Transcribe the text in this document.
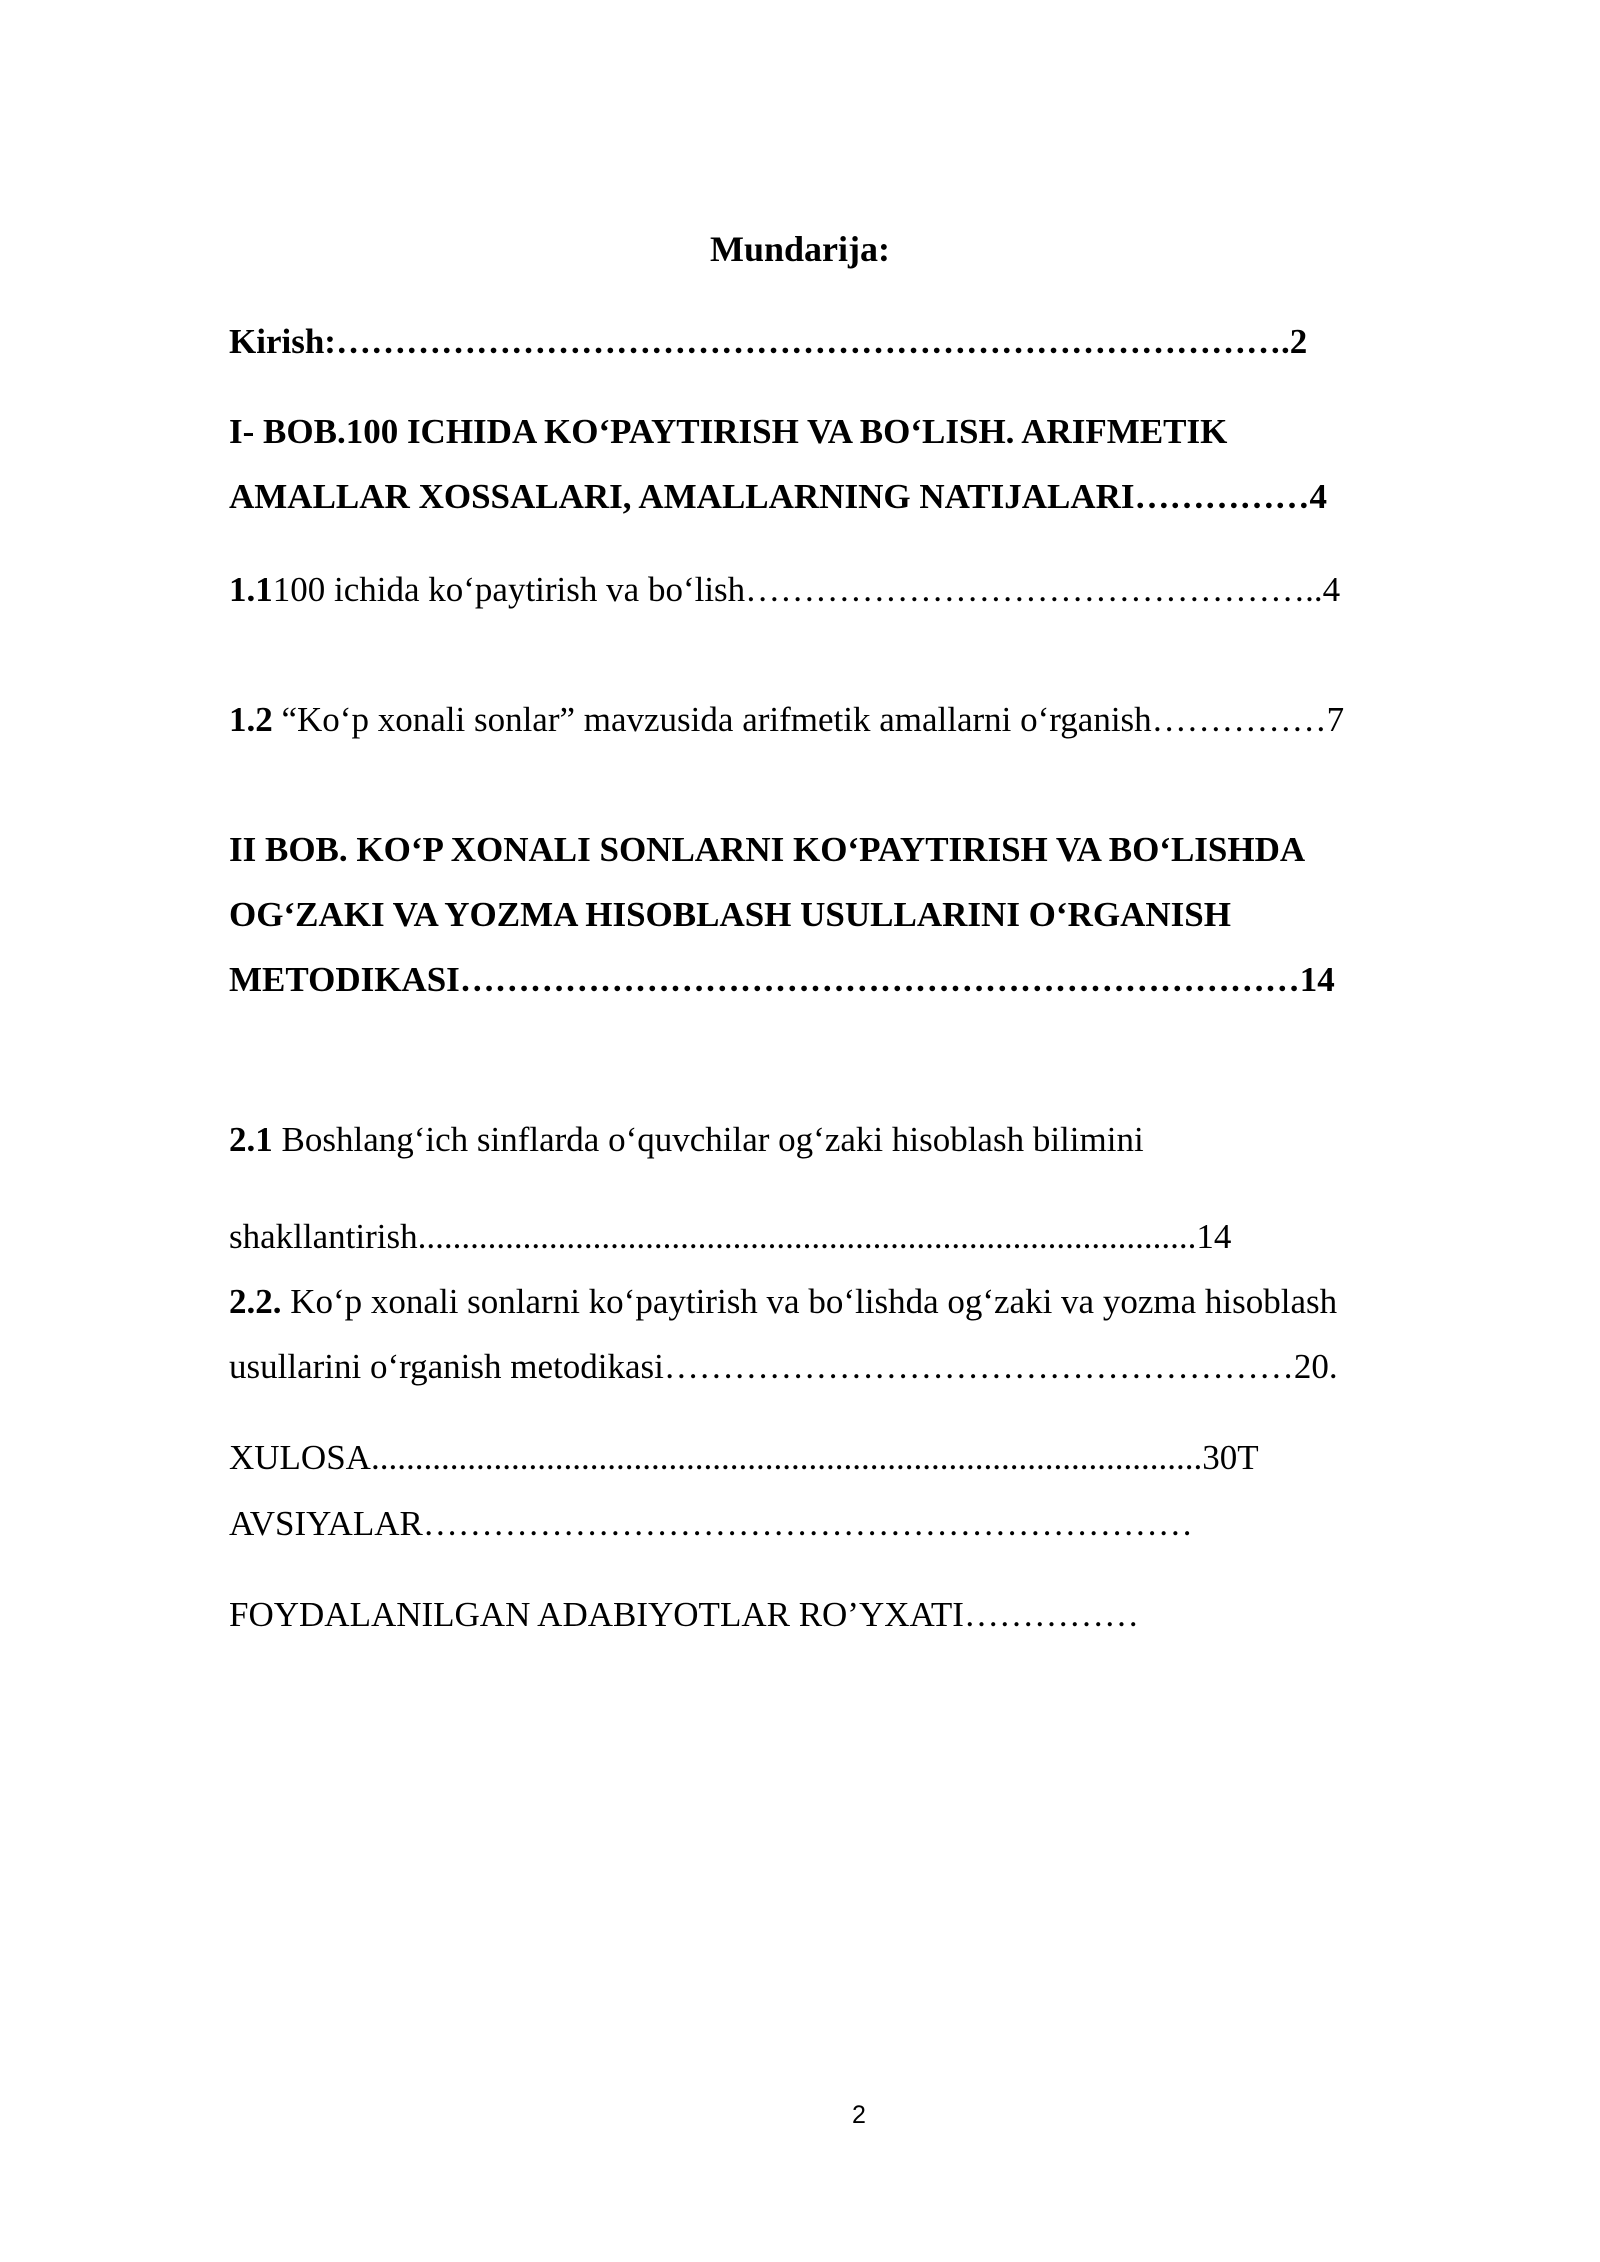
Mundarija:
Kirish:……………………………………………………………………….2
I- BOB.100 ICHIDA KO‘PAYTIRISH VA BO‘LISH. ARIFMETIK
AMALLAR XOSSALARI, AMALLARNING NATIJALARI……………4
1.1100 ichida ko‘paytirish va bo‘lish…………………………………………..4
1.2 “Ko‘p xonali sonlar” mavzusida arifmetik amallarni o‘rganish……………7
II BOB. KO‘P XONALI SONLARNI KO‘PAYTIRISH VA BO‘LISHDA
OG‘ZAKI VA YOZMA HISOBLASH USULLARINI O‘RGANISH
METODIKASI………………………………………………………………14
2.1 Boshlang‘ich sinflarda o‘quvchilar og‘zaki hisoblash bilimini
shakllantirish.........................................................................................14
2.2. Ko‘p xonali sonlarni ko‘paytirish va bo‘lishda og‘zaki va yozma hisoblash
usullarini o‘rganish metodikasi………………………………………………20.
XULOSA...............................................................................................30T
AVSIYALAR…………………………………………………………
FOYDALANILGAN ADABIYOTLAR RO’YXATI……………
2
